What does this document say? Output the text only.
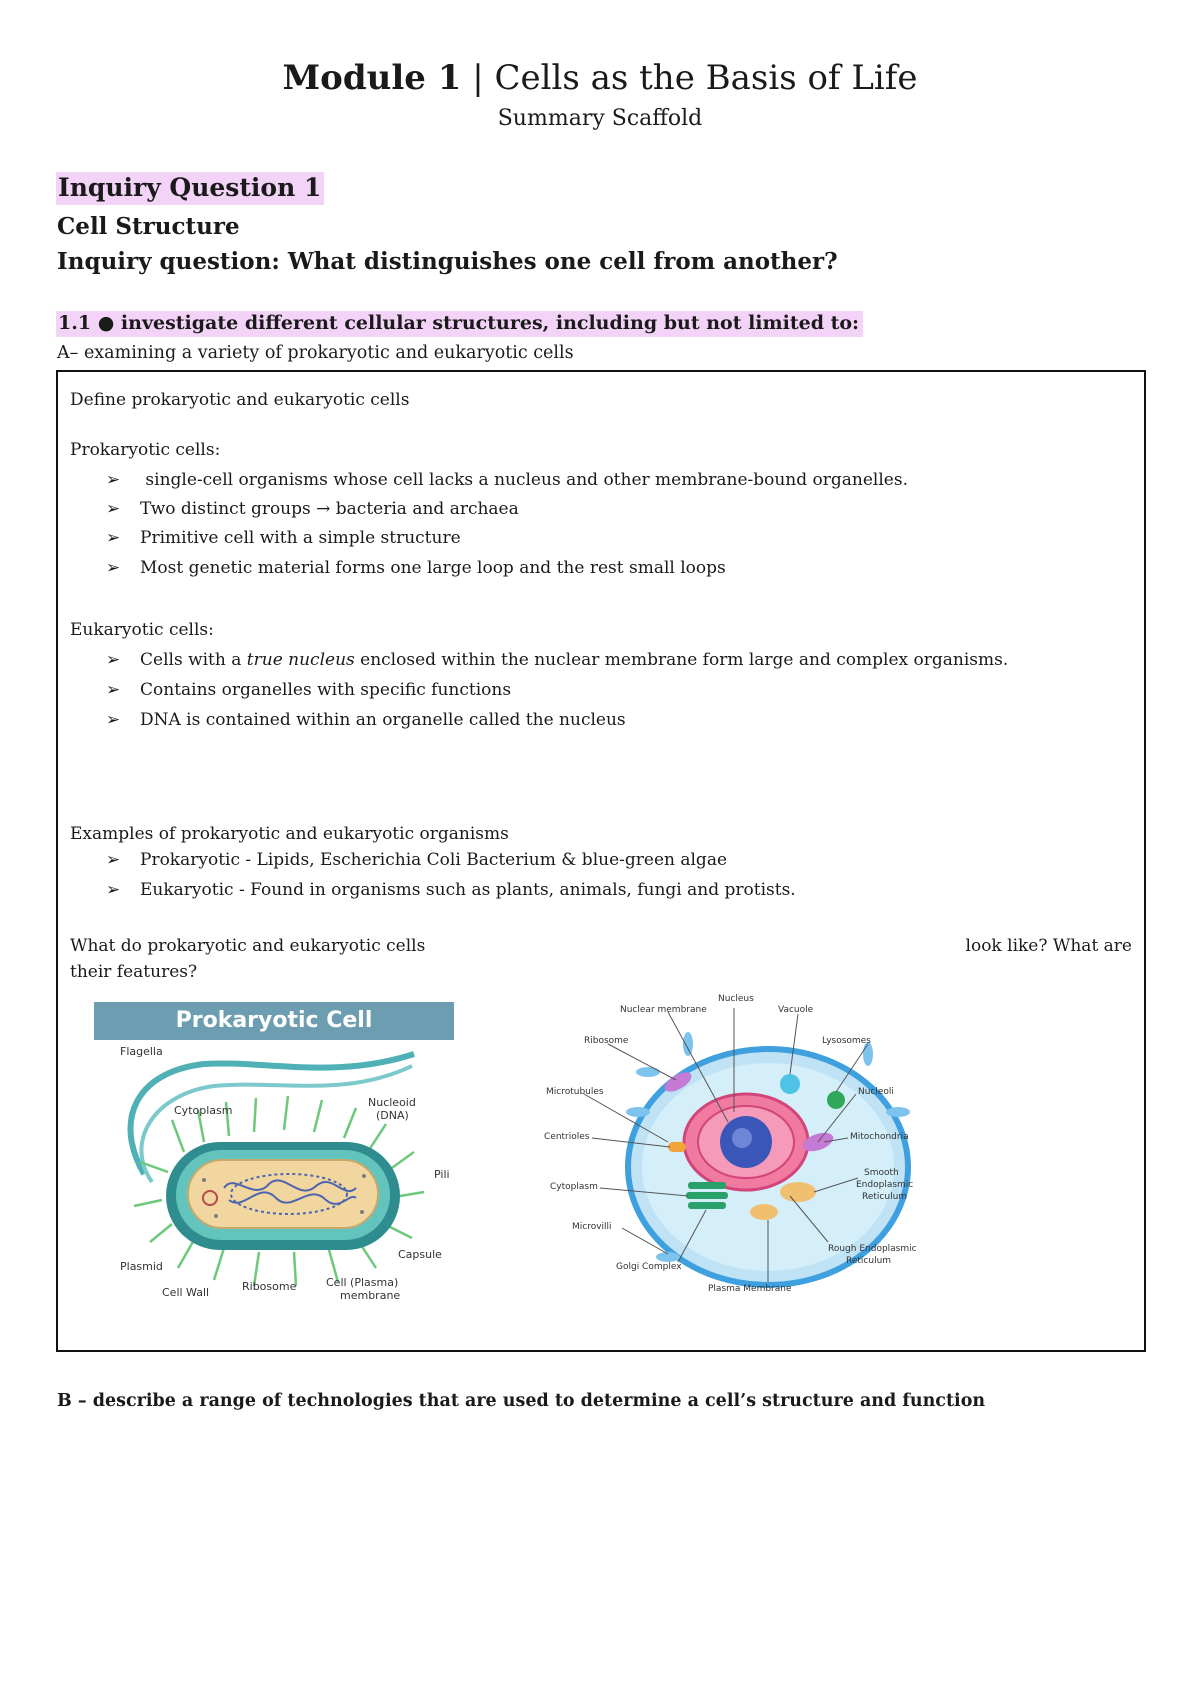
Module 1 | Cells as the Basis of Life
Summary Scaffold
Inquiry Question 1
Cell Structure
Inquiry question: What distinguishes one cell from another?
1.1 ● investigate different cellular structures, including but not limited to:
A– examining a variety of prokaryotic and eukaryotic cells
Define prokaryotic and eukaryotic cells
Prokaryotic cells:
➢ single-cell organisms whose cell lacks a nucleus and other membrane-bound organelles.
➢ Two distinct groups → bacteria and archaea
➢ Primitive cell with a simple structure
➢ Most genetic material forms one large loop and the rest small loops
Eukaryotic cells:
➢ Cells with a true nucleus enclosed within the nuclear membrane form large and complex organisms.
➢ Contains organelles with specific functions
➢ DNA is contained within an organelle called the nucleus
Examples of prokaryotic and eukaryotic organisms
➢ Prokaryotic - Lipids, Escherichia Coli Bacterium & blue-green algae
➢ Eukaryotic - Found in organisms such as plants, animals, fungi and protists.
What do prokaryotic and eukaryotic cells	look like? What are
their features?
Prokaryotic Cell
Flagella
Cytoplasm
Nucleoid
(DNA)
Pili
Plasmid
Capsule
Cell Wall	Ribosome	Cell (Plasma)
membrane
Nucleus
Nuclear membrane	Vacuole
Ribosome	Lysosomes
Microtubules	Nucleoli
Centrioles	Mitochondria
Cytoplasm
Smooth
Endoplasmic
Reticulum
Microvilli
Rough Endoplasmic
Reticulum
Golgi Complex
Plasma Membrane
B – describe a range of technologies that are used to determine a cell’s structure and function
